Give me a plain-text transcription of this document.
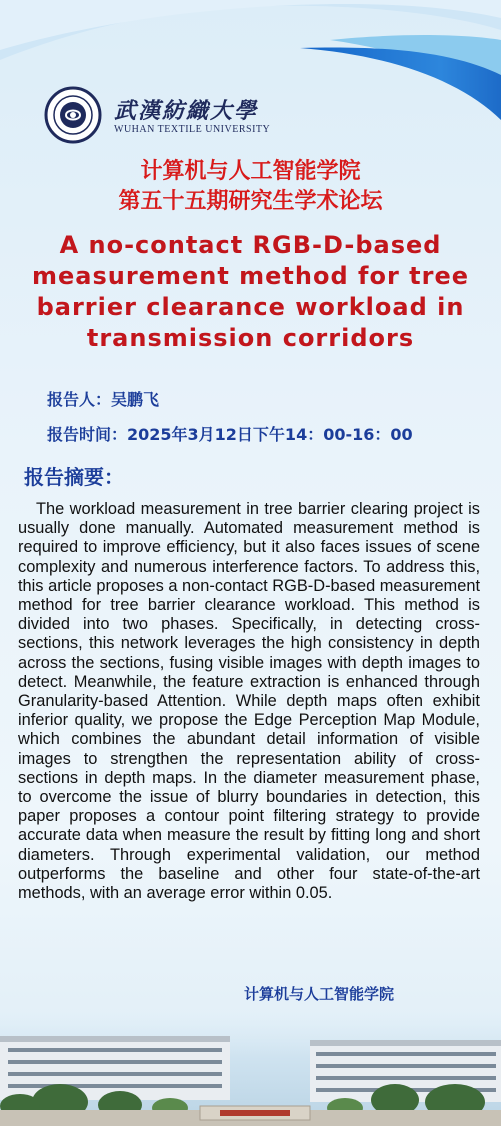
武漢紡織大學
WUHAN TEXTILE UNIVERSITY
计算机与人工智能学院
第五十五期研究生学术论坛
A no-contact RGB-D-based measurement method for tree barrier clearance workload in transmission corridors
报告人：吴鹏飞
报告时间：2025年3月12日下午14：00-16：00
报告摘要：

The workload measurement in tree barrier clearing project is usually done manually. Automated measurement method is required to improve efficiency, but it also faces issues of scene complexity and numerous interference factors. To address this, this article proposes a non-contact RGB-D-based measurement method for tree barrier clearance workload. This method is divided into two phases. Specifically, in detecting cross-sections, this network leverages the high consistency in depth across the sections, fusing visible images with depth images to detect. Meanwhile, the feature extraction is enhanced through Granularity-based Attention. While depth maps often exhibit inferior quality, we propose the Edge Perception Map Module, which combines the abundant detail information of visible images to strengthen the representation ability of cross-sections in depth maps. In the diameter measurement phase, to overcome the issue of blurry boundaries in detection, this paper proposes a contour point filtering strategy to provide accurate data when measure the result by fitting long and short diameters. Through experimental validation, our method outperforms the baseline and other four state-of-the-art methods, with an average error within 0.05.

计算机与人工智能学院
